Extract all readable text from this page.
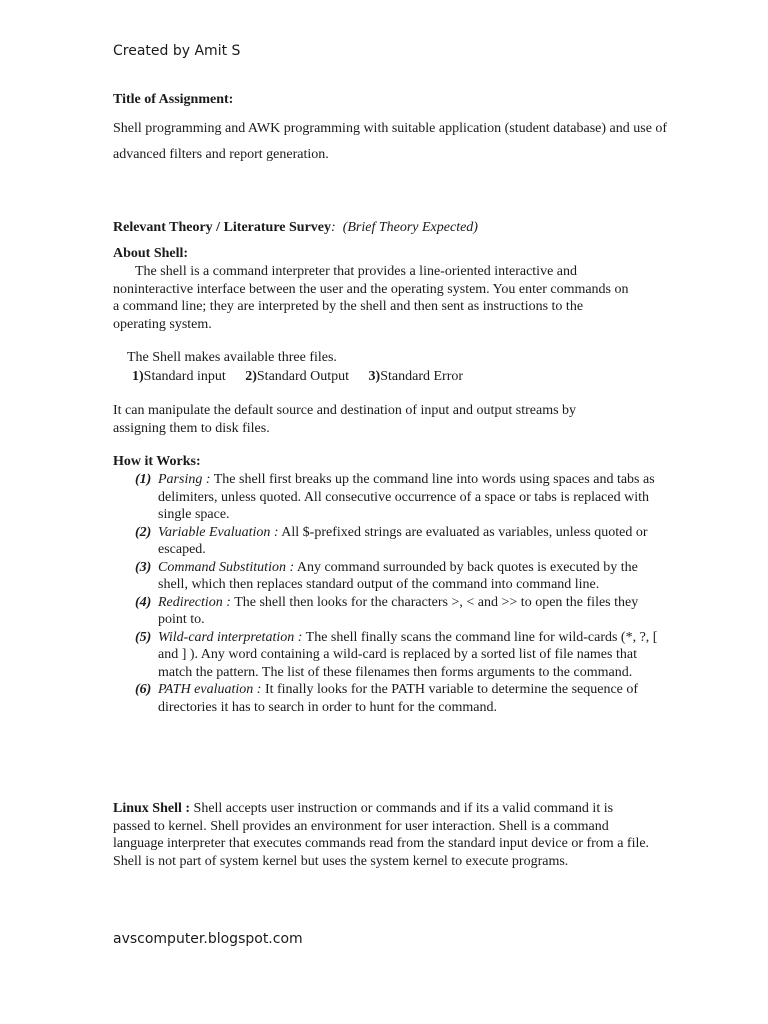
Created by Amit S
Title of Assignment:
Shell programming and AWK programming with suitable application (student database) and use of advanced filters and report generation.
Relevant Theory / Literature Survey: (Brief Theory Expected)
About Shell:
The shell is a command interpreter that provides a line-oriented interactive and noninteractive interface between the user and the operating system. You enter commands on a command line; they are interpreted by the shell and then sent as instructions to the operating system.
The Shell makes available three files.
1)Standard input 2)Standard Output 3)Standard Error
It can manipulate the default source and destination of input and output streams by assigning them to disk files.
How it Works:
(1) Parsing : The shell first breaks up the command line into words using spaces and tabs as delimiters, unless quoted. All consecutive occurrence of a space or tabs is replaced with single space.
(2) Variable Evaluation : All $-prefixed strings are evaluated as variables, unless quoted or escaped.
(3) Command Substitution : Any command surrounded by back quotes is executed by the shell, which then replaces standard output of the command into command line.
(4) Redirection : The shell then looks for the characters >, < and >> to open the files they point to.
(5) Wild-card interpretation : The shell finally scans the command line for wild-cards (*, ?, [ and ] ). Any word containing a wild-card is replaced by a sorted list of file names that match the pattern. The list of these filenames then forms arguments to the command.
(6) PATH evaluation : It finally looks for the PATH variable to determine the sequence of directories it has to search in order to hunt for the command.
Linux Shell : Shell accepts user instruction or commands and if its a valid command it is passed to kernel. Shell provides an environment for user interaction. Shell is a command language interpreter that executes commands read from the standard input device or from a file. Shell is not part of system kernel but uses the system kernel to execute programs.
avscomputer.blogspot.com
